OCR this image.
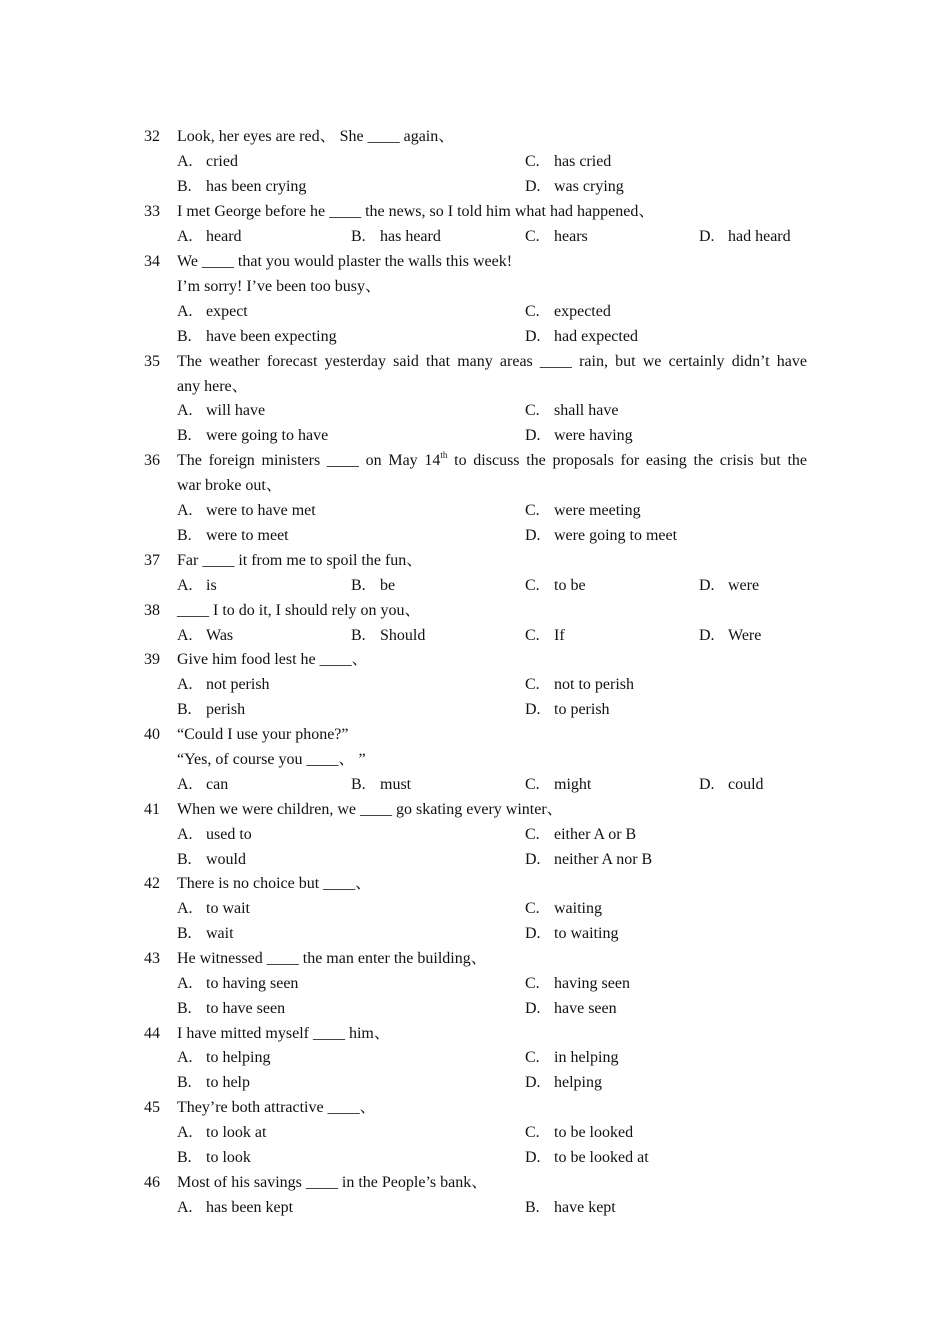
32 Look, her eyes are red、 She ____ again、
A. cried	C. has cried
B. has been crying	D. was crying
33 I met George before he ____ the news, so I told him what had happened、
A. heard	B. has heard	C. hears	D. had heard
34 We ____ that you would plaster the walls this week!
I’m sorry! I’ve been too busy、
A. expect	C. expected
B. have been expecting	D. had expected
35 The weather forecast yesterday said that many areas ____ rain, but we certainly didn’t have
any here、
A. will have	C. shall have
B. were going to have	D. were having
36 The foreign ministers ____ on May 14th to discuss the proposals for easing the crisis but the
war broke out、
A. were to have met	C. were meeting
B. were to meet	D. were going to meet
37 Far ____ it from me to spoil the fun、
A. is	B. be	C. to be	D. were
38 ____ I to do it, I should rely on you、
A. Was	B. Should	C. If	D. Were
39 Give him food lest he ____、
A. not perish	C. not to perish
B. perish	D. to perish
40 “Could I use your phone?”
“Yes, of course you ____、 ”
A. can	B. must	C. might	D. could
41 When we were children, we ____ go skating every winter、
A. used to	C. either A or B
B. would	D. neither A nor B
42 There is no choice but ____、
A. to wait	C. waiting
B. wait	D. to waiting
43 He witnessed ____ the man enter the building、
A. to having seen	C. having seen
B. to have seen	D. have seen
44 I have mitted myself ____ him、
A. to helping	C. in helping
B. to help	D. helping
45 They’re both attractive ____、
A. to look at	C. to be looked
B. to look	D. to be looked at
46 Most of his savings ____ in the People’s bank、
A. has been kept	B. have kept
